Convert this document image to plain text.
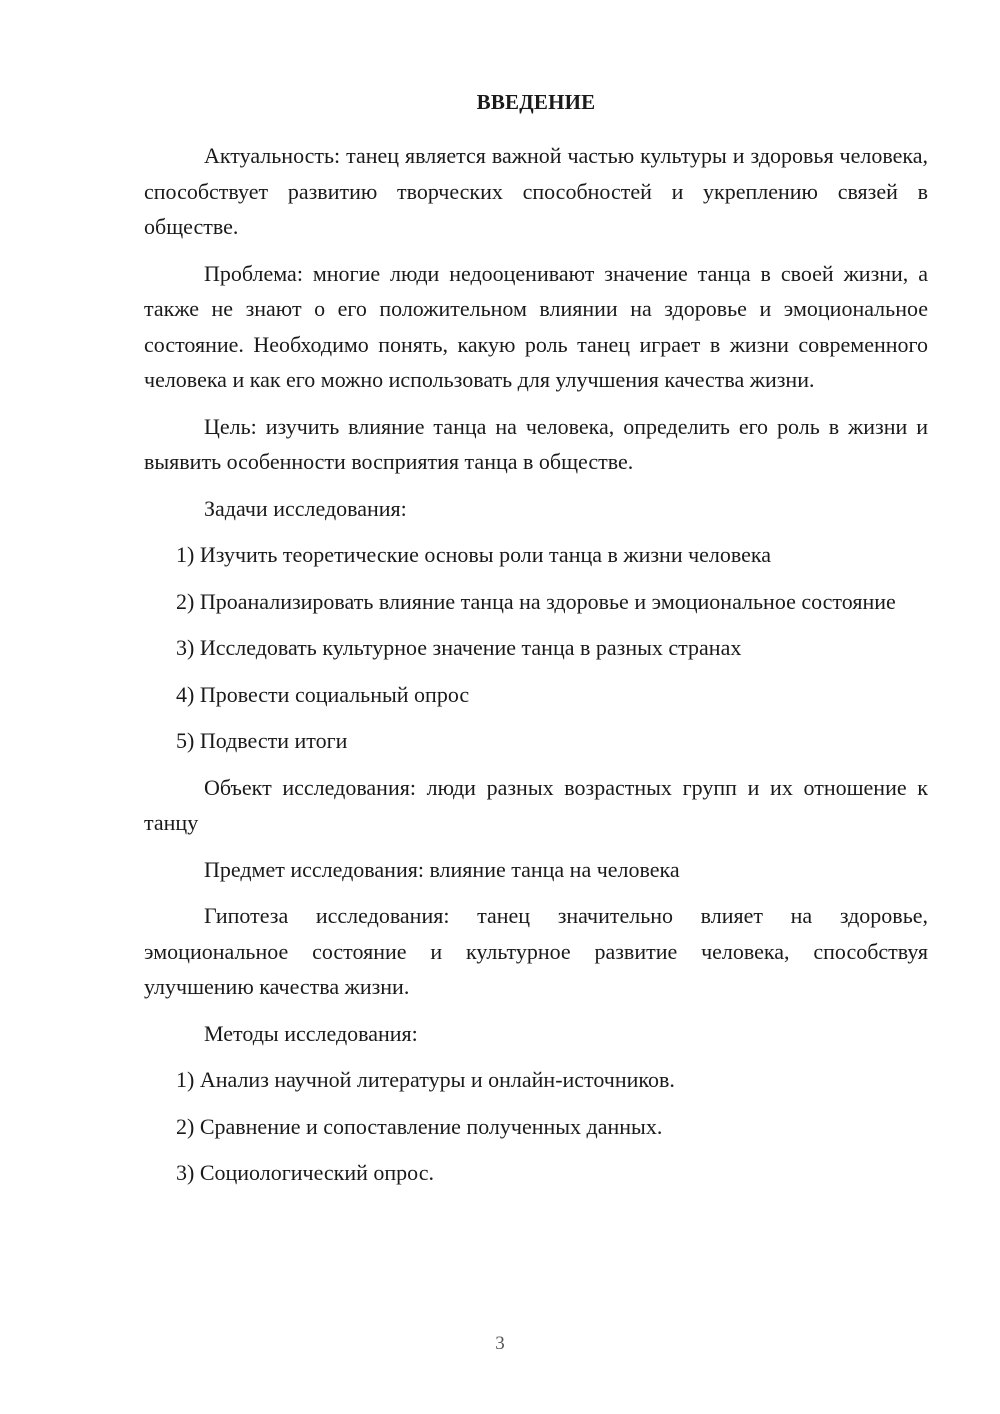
ВВЕДЕНИЕ

Актуальность: танец является важной частью культуры и здоровья человека, способствует развитию творческих способностей и укреплению связей в обществе.

Проблема: многие люди недооценивают значение танца в своей жизни, а также не знают о его положительном влиянии на здоровье и эмоциональное состояние. Необходимо понять, какую роль танец играет в жизни современного человека и как его можно использовать для улучшения качества жизни.

Цель: изучить влияние танца на человека, определить его роль в жизни и выявить особенности восприятия танца в обществе.

Задачи исследования:

1) Изучить теоретические основы роли танца в жизни человека

2) Проанализировать влияние танца на здоровье и эмоциональное состояние

3) Исследовать культурное значение танца в разных странах

4) Провести социальный опрос

5) Подвести итоги

Объект исследования: люди разных возрастных групп и их отношение к танцу

Предмет исследования: влияние танца на человека

Гипотеза исследования: танец значительно влияет на здоровье, эмоциональное состояние и культурное развитие человека, способствуя улучшению качества жизни.

Методы исследования:

1) Анализ научной литературы и онлайн-источников.

2) Сравнение и сопоставление полученных данных.

3) Социологический опрос.

3
